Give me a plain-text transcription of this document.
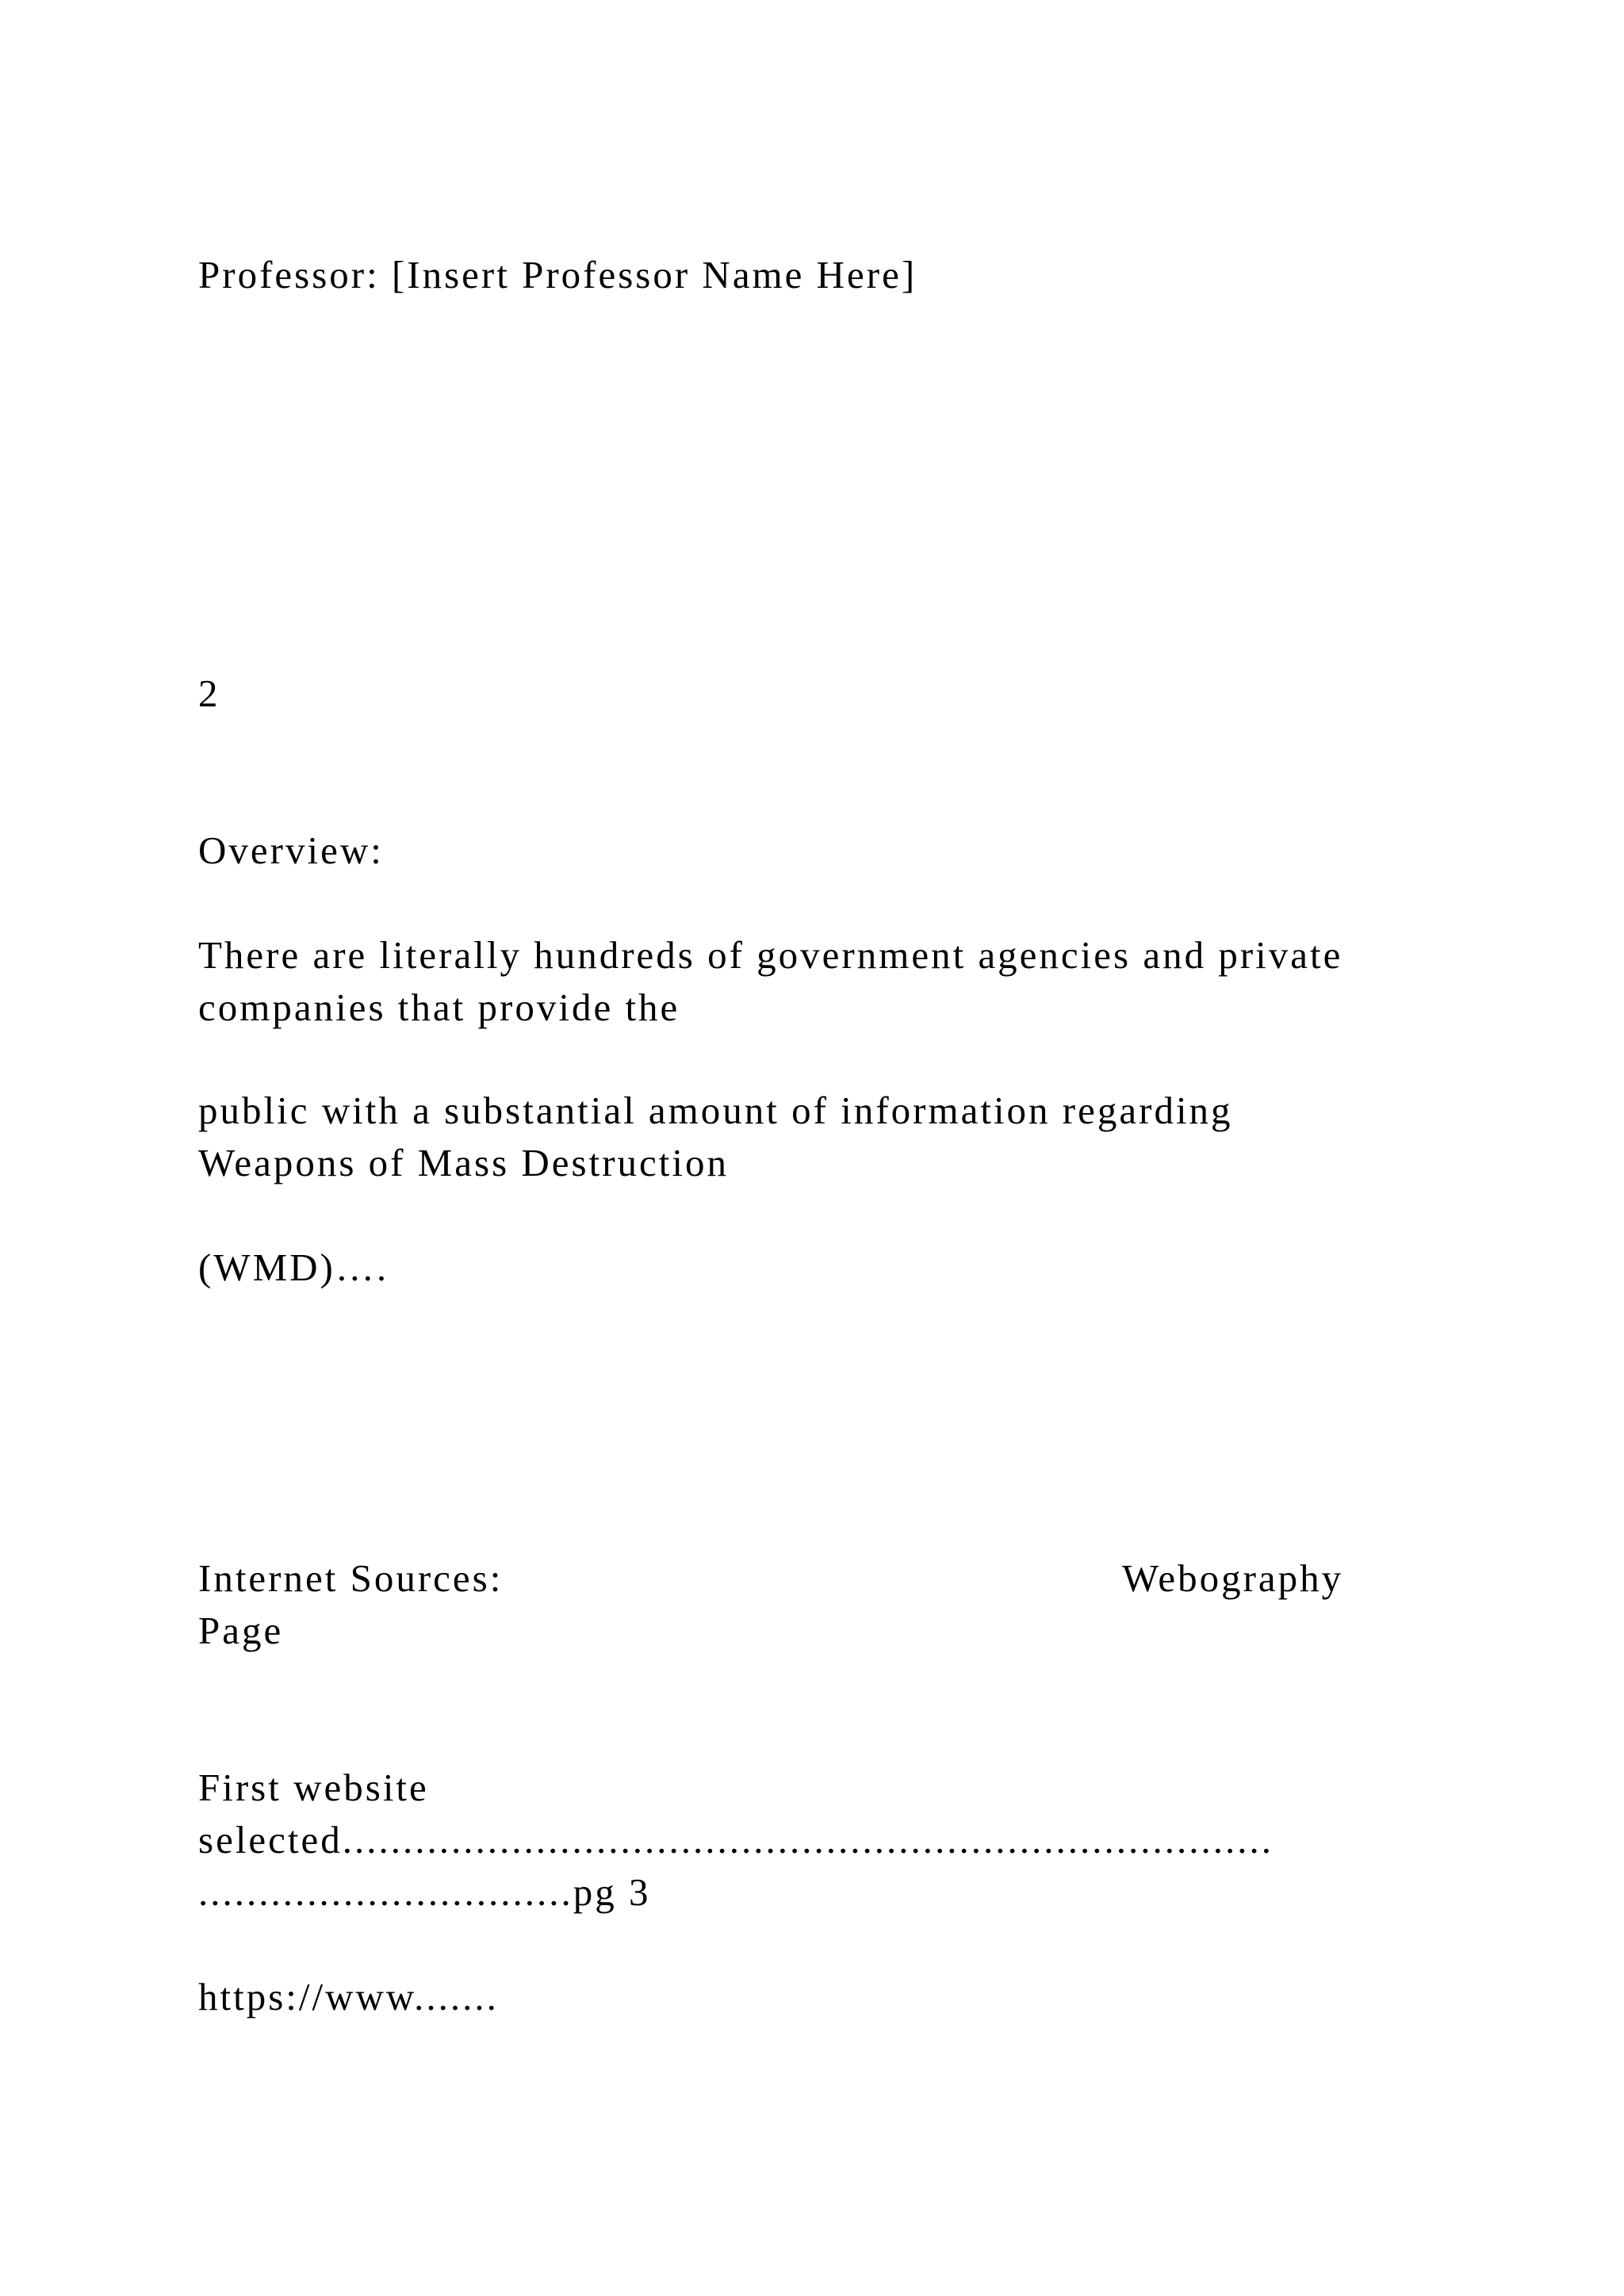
Professor: [Insert Professor Name Here]
2
Overview:
There are literally hundreds of government agencies and private
companies that provide the
public with a substantial amount of information regarding
Weapons of Mass Destruction
(WMD)….
Internet Sources:	Webography
Page
First website
selected.............................................................................
...............................pg 3
https://www.......
